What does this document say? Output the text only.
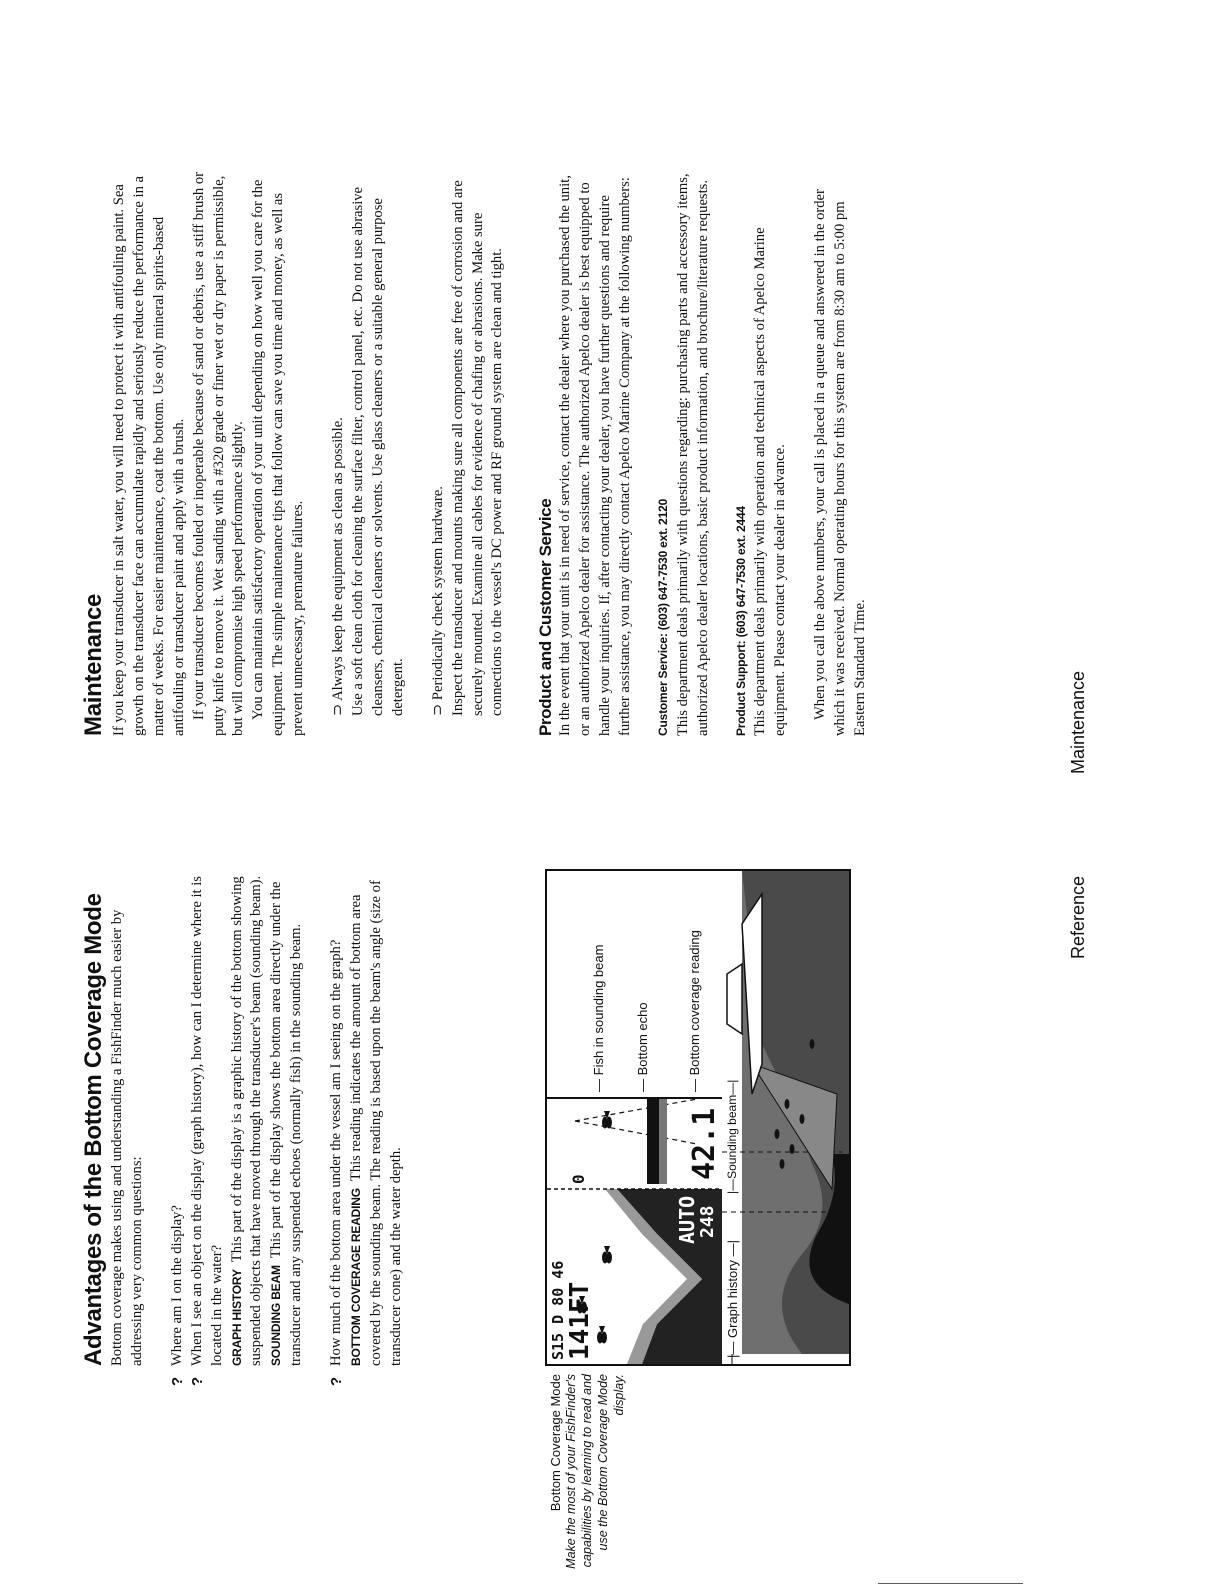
Advantages of the Bottom Coverage Mode Bottom coverage makes using and understanding a FishFinder much easier by addressing very common questions:

?

Where am I on the display?

?

When I see an object on the display (graph history), how can I determine where it is located in the water? GRAPH HISTORY  This part of the display is a graphic history of the bottom showing suspended objects that have moved through the transducer's beam (sounding beam). SOUNDING BEAM  This part of the display shows the bottom area directly under the transducer and any suspended echoes (normally fish) in the sounding beam.

?

How much of the bottom area under the vessel am I seeing on the graph? BOTTOM COVERAGE READING  This reading indicates the amount of bottom area covered by the sounding beam. The reading is based upon the beam's angle (size of transducer cone) and the water depth.

Bottom Coverage Mode Make the most of your FishFinder's capabilities by learning to read and use the Bottom Coverage Mode display.
S15 D 80 46
141FT
0
AUTO
248
42.1
— Fish in sounding beam
— Bottom echo
— Bottom coverage reading
|— Graph history —|
|—Sounding beam—|
Maintenance If you keep your transducer in salt water, you will need to protect it with antifouling paint. Sea growth on the transducer face can accumulate rapidly and seriously reduce the performance in a matter of weeks. For easier maintenance, coat the bottom. Use only mineral spirits-based antifouling or transducer paint and apply with a brush. If your transducer becomes fouled or inoperable because of sand or debris, use a stiff brush or putty knife to remove it. Wet sanding with a #320 grade or finer wet or dry paper is permissible, but will compromise high speed performance slightly. You can maintain satisfactory operation of your unit depending on how well you care for the equipment. The simple maintenance tips that follow can save you time and money, as well as prevent unnecessary, premature failures. ⊃ Always keep the equipment as clean as possible. Use a soft clean cloth for cleaning the surface filter, control panel, etc. Do not use abrasive cleansers, chemical cleaners or solvents. Use glass cleaners or a suitable general purpose detergent. ⊃ Periodically check system hardware. Inspect the transducer and mounts making sure all components are free of corrosion and are securely mounted. Examine all cables for evidence of chafing or abrasions. Make sure connections to the vessel's DC power and RF ground system are clean and tight. Product and Customer Service In the event that your unit is in need of service, contact the dealer where you purchased the unit, or an authorized Apelco dealer for assistance. The authorized Apelco dealer is best equipped to handle your inquiries. If, after contacting your dealer, you have further questions and require further assistance, you may directly contact Apelco Marine Company at the following numbers: Customer Service: (603) 647-7530 ext. 2120 This department deals primarily with questions regarding: purchasing parts and accessory items, authorized Apelco dealer locations, basic product information, and brochure/literature requests. Product Support: (603) 647-7530 ext. 2444 This department deals primarily with operation and technical aspects of Apelco Marine equipment. Please contact your dealer in advance. When you call the above numbers, your call is placed in a queue and answered in the order which it was received. Normal operating hours for this system are from 8:30 am to 5:00 pm Eastern Standard Time.

Reference
Maintenance
